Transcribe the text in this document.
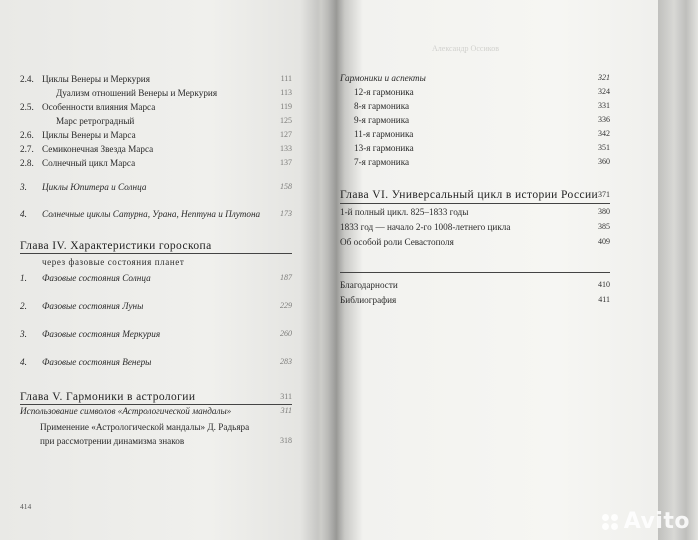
Александр Оссиков
2.4. Циклы Венеры и Меркурия	111
Дуализм отношений Венеры и Меркурия	113
2.5. Особенности влияния Марса	119
Марс ретроградный	125
2.6. Циклы Венеры и Марса	127
2.7. Семиконечная Звезда Марса	133
2.8. Солнечный цикл Марса	137
3.	Циклы Юпитера и Солнца	158
4.	Солнечные циклы Сатурна, Урана, Нептуна и Плутона 173
Глава IV. Характеристики гороскопа
через фазовые состояния планет
1.	Фазовые состояния Солнца	187
2.	Фазовые состояния Луны	229
3.	Фазовые состояния Меркурия	260
4.	Фазовые состояния Венеры	283
Глава V. Гармоники в астрологии	311
Использование символов «Астрологической мандалы»	311
Применение «Астрологической мандалы» Д. Радьяра
при рассмотрении динамизма знаков	318
414
Гармоники и аспекты	321
12-я гармоника	324
8-я гармоника	331
9-я гармоника	336
11-я гармоника	342
13-я гармоника	351
7-я гармоника	360
Глава VI. Универсальный цикл в истории России 371
1-й полный цикл. 825–1833 годы	380
1833 год — начало 2-го 1008-летнего цикла	385
Об особой роли Севастополя	409
Благодарности	410
Библиография	411
Avito
